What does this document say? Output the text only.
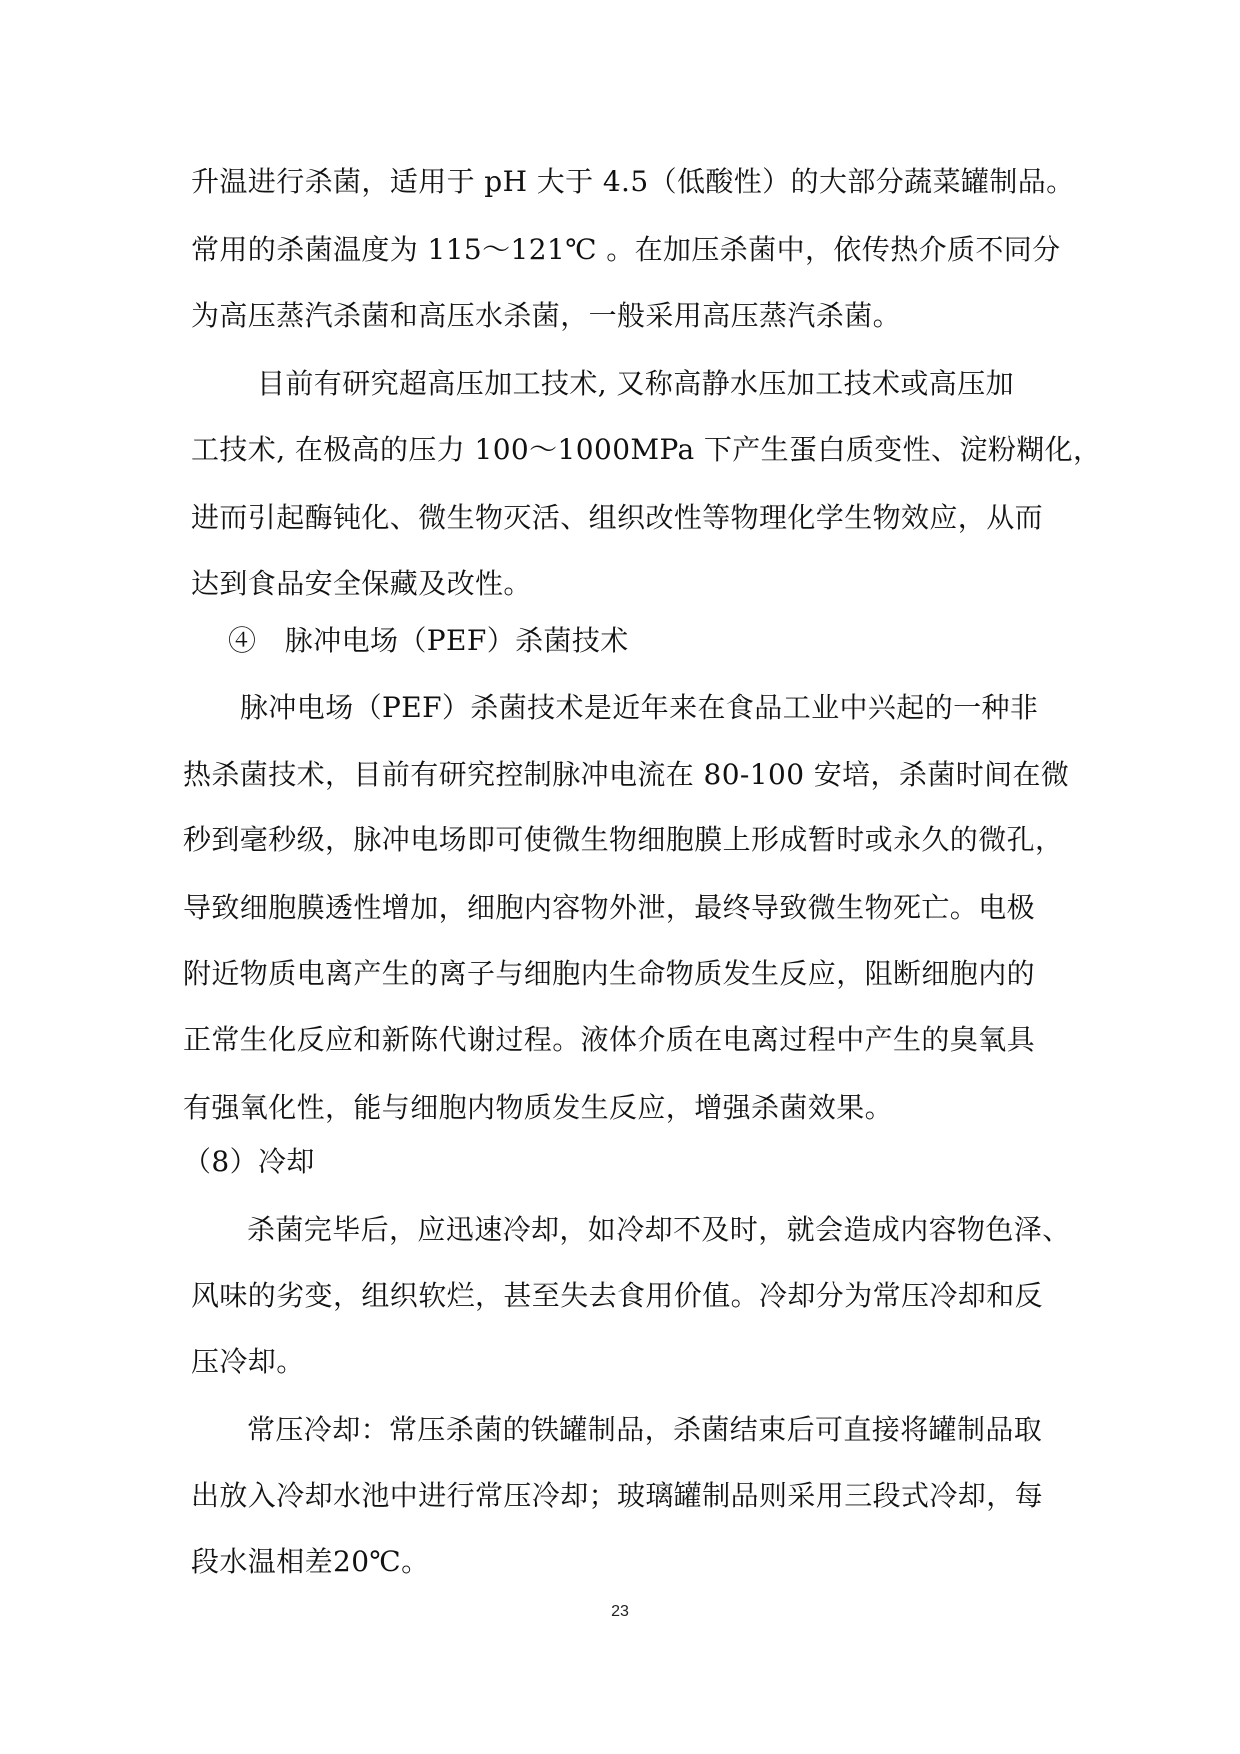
升温进行杀菌，适用于 pH 大于 4.5（低酸性）的大部分蔬菜罐制品。
常用的杀菌温度为 115～121℃ 。在加压杀菌中，依传热介质不同分
为高压蒸汽杀菌和高压水杀菌，一般采用高压蒸汽杀菌。
目前有研究超高压加工技术, 又称高静水压加工技术或高压加
工技术, 在极高的压力 100～1000MPa 下产生蛋白质变性、淀粉糊化，
进而引起酶钝化、微生物灭活、组织改性等物理化学生物效应，从而
达到食品安全保藏及改性。
④　脉冲电场（PEF）杀菌技术
脉冲电场（PEF）杀菌技术是近年来在食品工业中兴起的一种非
热杀菌技术，目前有研究控制脉冲电流在 80-100 安培，杀菌时间在微
秒到毫秒级，脉冲电场即可使微生物细胞膜上形成暂时或永久的微孔，
导致细胞膜透性增加，细胞内容物外泄，最终导致微生物死亡。电极
附近物质电离产生的离子与细胞内生命物质发生反应，阻断细胞内的
正常生化反应和新陈代谢过程。液体介质在电离过程中产生的臭氧具
有强氧化性，能与细胞内物质发生反应，增强杀菌效果。
（8）冷却
杀菌完毕后，应迅速冷却，如冷却不及时，就会造成内容物色泽、
风味的劣变，组织软烂，甚至失去食用价值。冷却分为常压冷却和反
压冷却。
常压冷却：常压杀菌的铁罐制品，杀菌结束后可直接将罐制品取
出放入冷却水池中进行常压冷却；玻璃罐制品则采用三段式冷却，每
段水温相差20℃。
23
